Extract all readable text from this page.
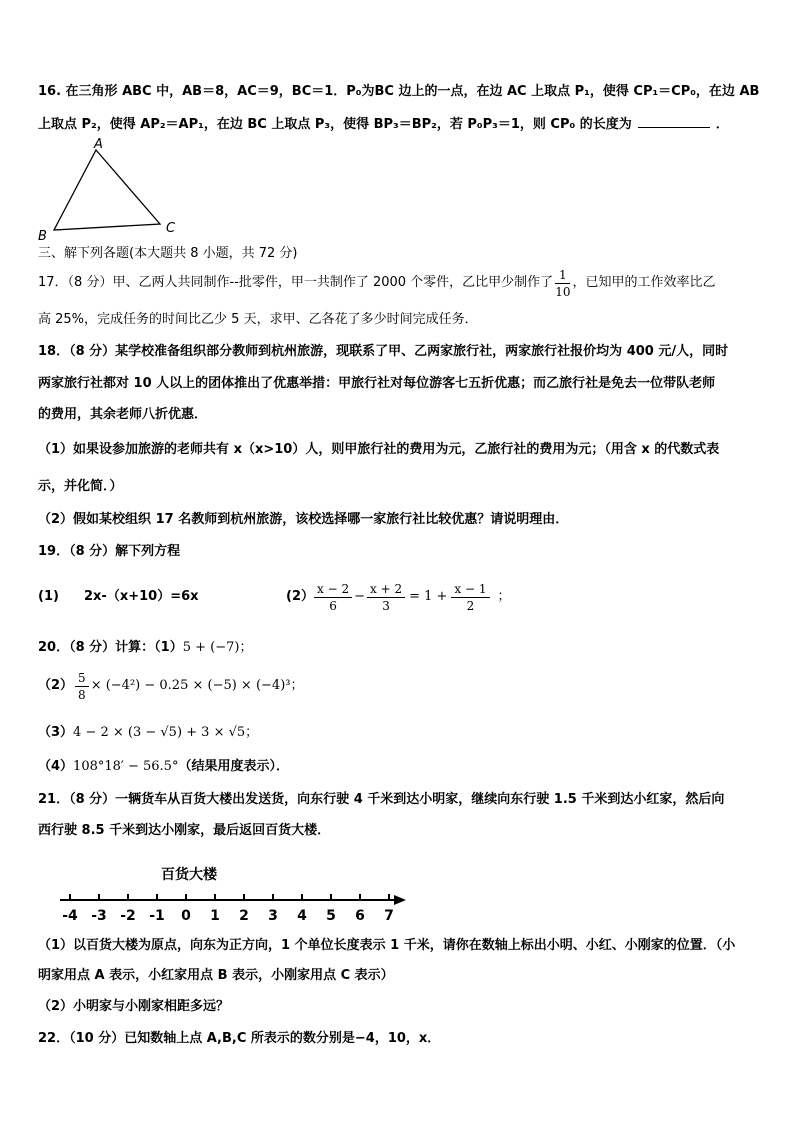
16. 在三角形 ABC 中，AB＝8，AC＝9，BC＝1．P₀为BC 边上的一点，在边 AC 上取点 P₁，使得 CP₁＝CP₀，在边 AB
上取点 P₂，使得 AP₂＝AP₁，在边 BC 上取点 P₃，使得 BP₃＝BP₂，若 P₀P₃＝1，则 CP₀ 的长度为	．
A
B
C
三、解下列各题(本大题共 8 小题，共 72 分)
17．（8 分）甲、乙两人共同制作--批零件，甲一共制作了 2000 个零件，乙比甲少制作了 $\frac{1}{10}$ ，已知甲的工作效率比乙
高 25%，完成任务的时间比乙少 5 天，求甲、乙各花了多少时间完成任务．
18．（8 分）某学校准备组织部分教师到杭州旅游，现联系了甲、乙两家旅行社，两家旅行社报价均为 400 元/人，同时
两家旅行社都对 10 人以上的团体推出了优惠举措：甲旅行社对每位游客七五折优惠；而乙旅行社是免去一位带队老师
的费用，其余老师八折优惠．
（1）如果设参加旅游的老师共有 x（x>10）人，则甲旅行社的费用为元，乙旅行社的费用为元；（用含 x 的代数式表
示，并化简．）
（2）假如某校组织 17 名教师到杭州旅游，该校选择哪一家旅行社比较优惠？请说明理由．
19．（8 分）解下列方程
(1) 2x-（x+10）=6x	$(2) \frac{x - 2}{6} - \frac{x + 2}{3} = 1 + \frac{x - 1}{2}$ ；
20．（8 分）计算：（1）5 + (−7)；
$(2) \frac{5}{8} \times (-4^2) - 0.25 \times (-5) \times (-4)^3$；
（3）4 − 2 × (3 − √5) + 3 × √5；
（4）108°18′ − 56.5°（结果用度表示）．
21．（8 分）一辆货车从百货大楼出发送货，向东行驶 4 千米到达小明家，继续向东行驶 1.5 千米到达小红家，然后向
西行驶 8.5 千米到达小刚家，最后返回百货大楼．
百货大楼
-4 -3 -2 -1 0 1 2 3 4 5 6 7
（1）以百货大楼为原点，向东为正方向，1 个单位长度表示 1 千米，请你在数轴上标出小明、小红、小刚家的位置．（小
明家用点 A 表示，小红家用点 B 表示，小刚家用点 C 表示）
（2）小明家与小刚家相距多远？
22．（10 分）已知数轴上点 A,B,C 所表示的数分别是−4，10，x．
